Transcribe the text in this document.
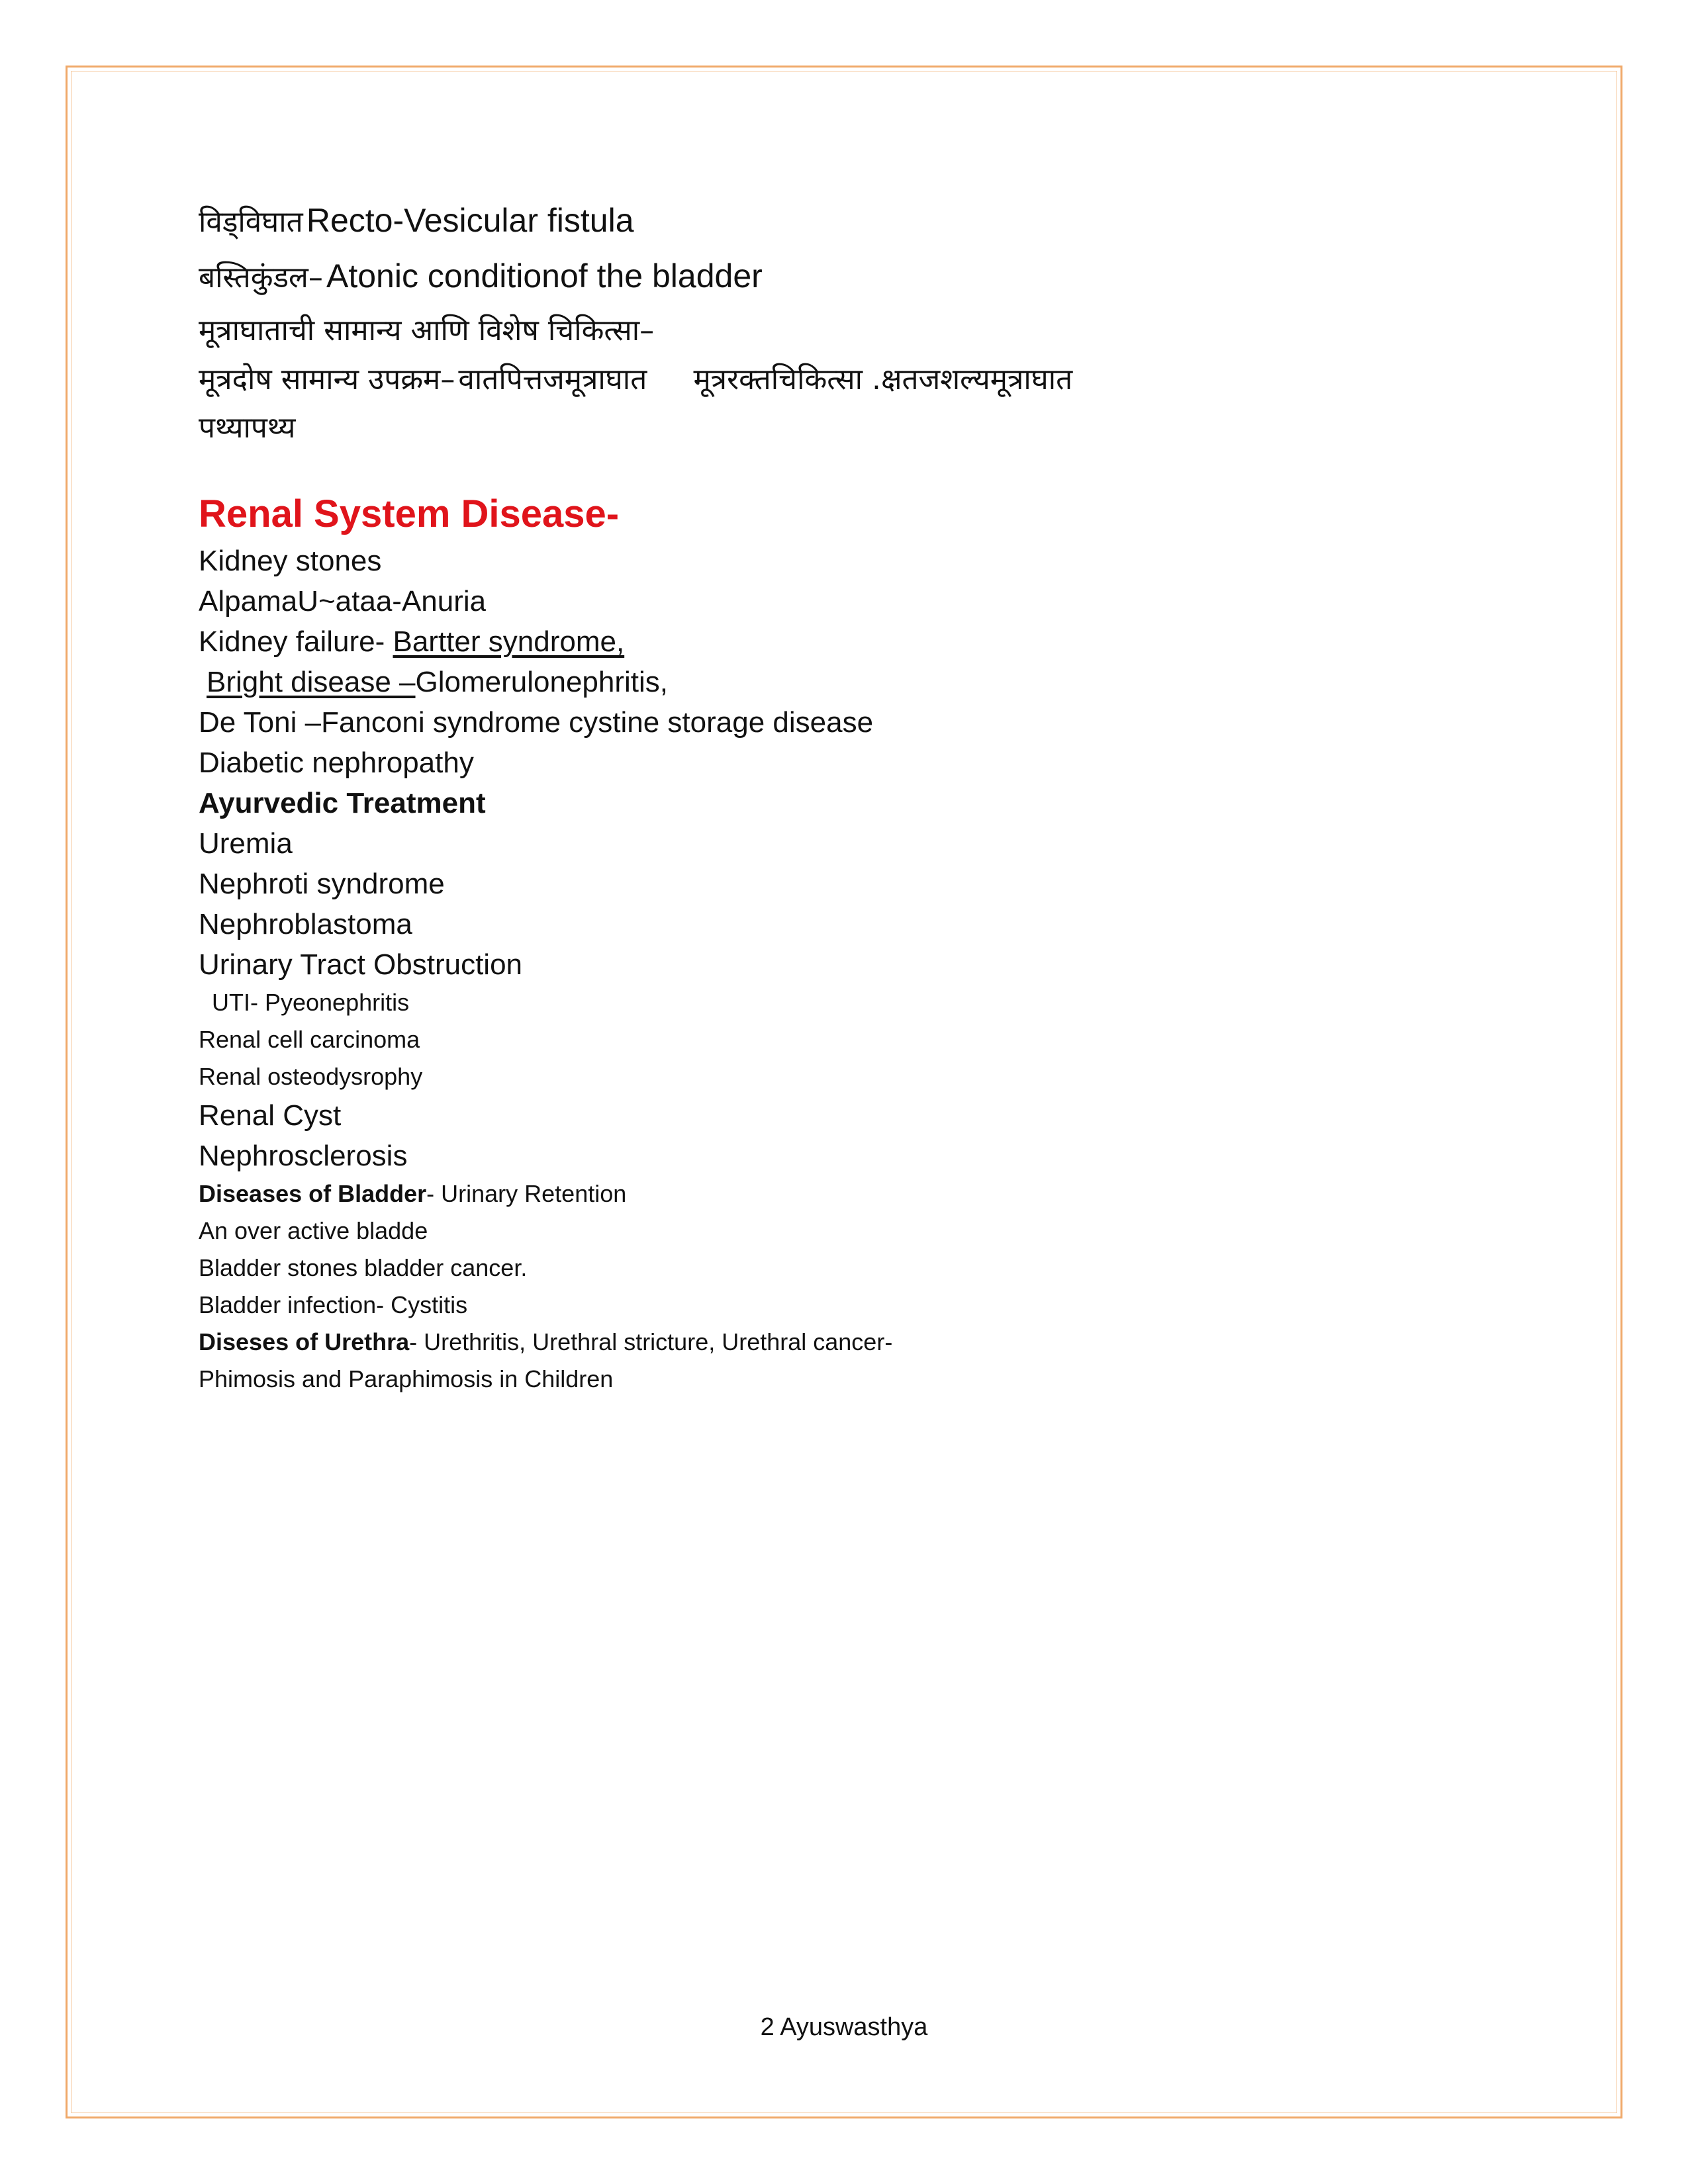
विड्विघात Recto-Vesicular fistula
बस्तिकुंडल– Atonic conditionof the bladder
मूत्राघाताची सामान्य आणि विशेष चिकित्सा–
मूत्रदोष सामान्य उपक्रम– वातपित्तजमूत्राघात मूत्ररक्तचिकित्सा .क्षतजशल्यमूत्राघात
पथ्यापथ्य
Renal System Disease-
Kidney stones
AlpamaU~ataa-Anuria
Kidney failure- Bartter syndrome,
Bright disease –Glomerulonephritis,
De Toni –Fanconi syndrome cystine storage disease
Diabetic nephropathy
Ayurvedic Treatment
Uremia
Nephroti syndrome
Nephroblastoma
Urinary Tract Obstruction
UTI- Pyeonephritis
Renal cell carcinoma
Renal osteodysrophy
Renal Cyst
Nephrosclerosis
Diseases of Bladder- Urinary Retention
An over active bladde
Bladder stones bladder cancer.
Bladder infection- Cystitis
Diseses of Urethra- Urethritis, Urethral stricture, Urethral cancer-
Phimosis and Paraphimosis in Children
2 Ayuswasthya
